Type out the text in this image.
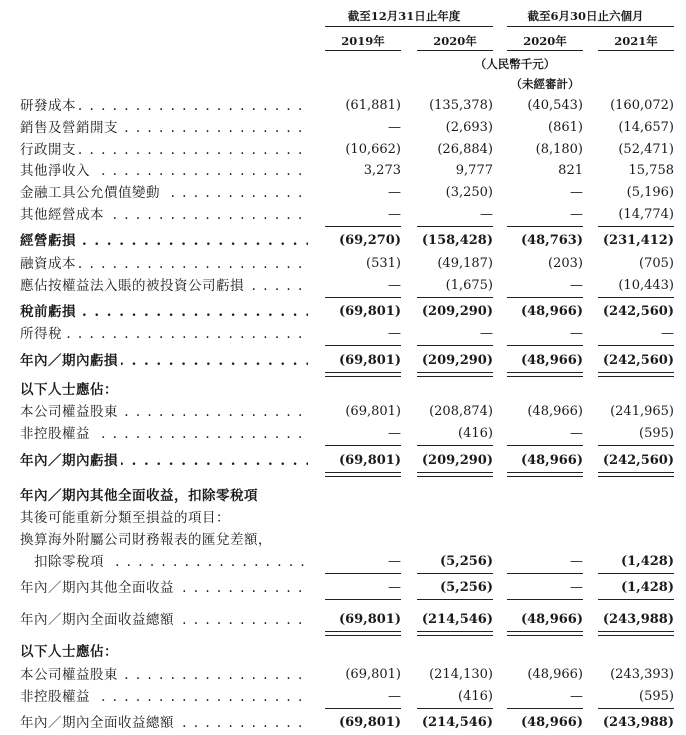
截至12月31日止年度	截至6月30日止六個月
2019年	2020年	2020年	2021年
（人民幣千元）
（未經審計）
研發成本 . . .	(61,881)	(135,378)	(40,543)	(160,072)
銷售及營銷開支 . . .	—	(2,693)	(861)	(14,657)
行政開支 . . .	(10,662)	(26,884)	(8,180)	(52,471)
其他淨收入 . . .	3,273	9,777	821	15,758
金融工具公允價值變動 . . .	—	(3,250)	—	(5,196)
其他經營成本 . . .	—	—	—	(14,774)
經營虧損 . . .	(69,270)	(158,428)	(48,763)	(231,412)
融資成本 . . .	(531)	(49,187)	(203)	(705)
應佔按權益法入賬的被投資公司虧損 . . .	—	(1,675)	—	(10,443)
稅前虧損 . . .	(69,801)	(209,290)	(48,966)	(242,560)
所得稅 . . .	—	—	—	—
年內／期內虧損 . . .	(69,801)	(209,290)	(48,966)	(242,560)
以下人士應佔：
本公司權益股東 . . .	(69,801)	(208,874)	(48,966)	(241,965)
非控股權益 . . .	—	(416)	—	(595)
年內／期內虧損 . . .	(69,801)	(209,290)	(48,966)	(242,560)
年內／期內其他全面收益，扣除零稅項
其後可能重新分類至損益的項目：
換算海外附屬公司財務報表的匯兌差額，
扣除零稅項 . . .	—	(5,256)	—	(1,428)
年內／期內其他全面收益 . . .	—	(5,256)	—	(1,428)
年內／期內全面收益總額 . . .	(69,801)	(214,546)	(48,966)	(243,988)
以下人士應佔：
本公司權益股東 . . .	(69,801)	(214,130)	(48,966)	(243,393)
非控股權益 . . .	—	(416)	—	(595)
年內／期內全面收益總額 . . .	(69,801)	(214,546)	(48,966)	(243,988)
